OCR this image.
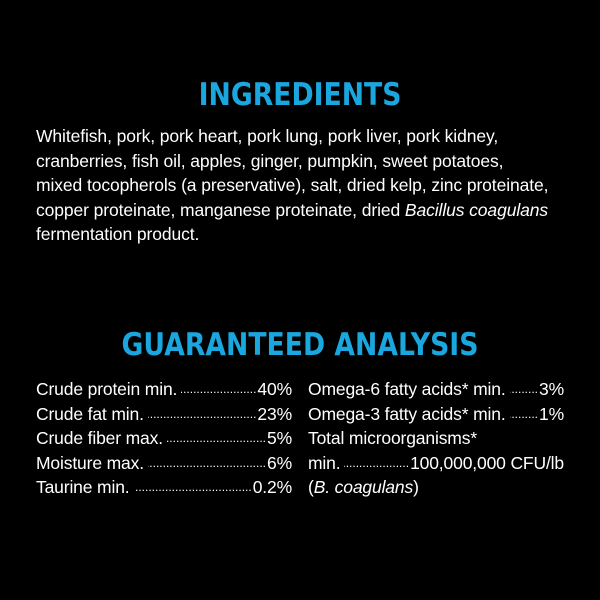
INGREDIENTS

Whitefish, pork, pork heart, pork lung, pork liver, pork kidney,
cranberries, fish oil, apples, ginger, pumpkin, sweet potatoes,
mixed tocopherols (a preservative), salt, dried kelp, zinc proteinate,
copper proteinate, manganese proteinate, dried Bacillus coagulans
fermentation product.

GUARANTEED ANALYSIS
Crude protein min. .....	40%
Crude fat min. .....	23%
Crude fiber max. .....	5%
Moisture max. .....	6%
Taurine min. .....	0.2%
Omega-6 fatty acids* min. ..... 3%
Omega-3 fatty acids* min. ..... 1%
Total microorganisms*
min. .....	100,000,000 CFU/lb
(B. coagulans)
